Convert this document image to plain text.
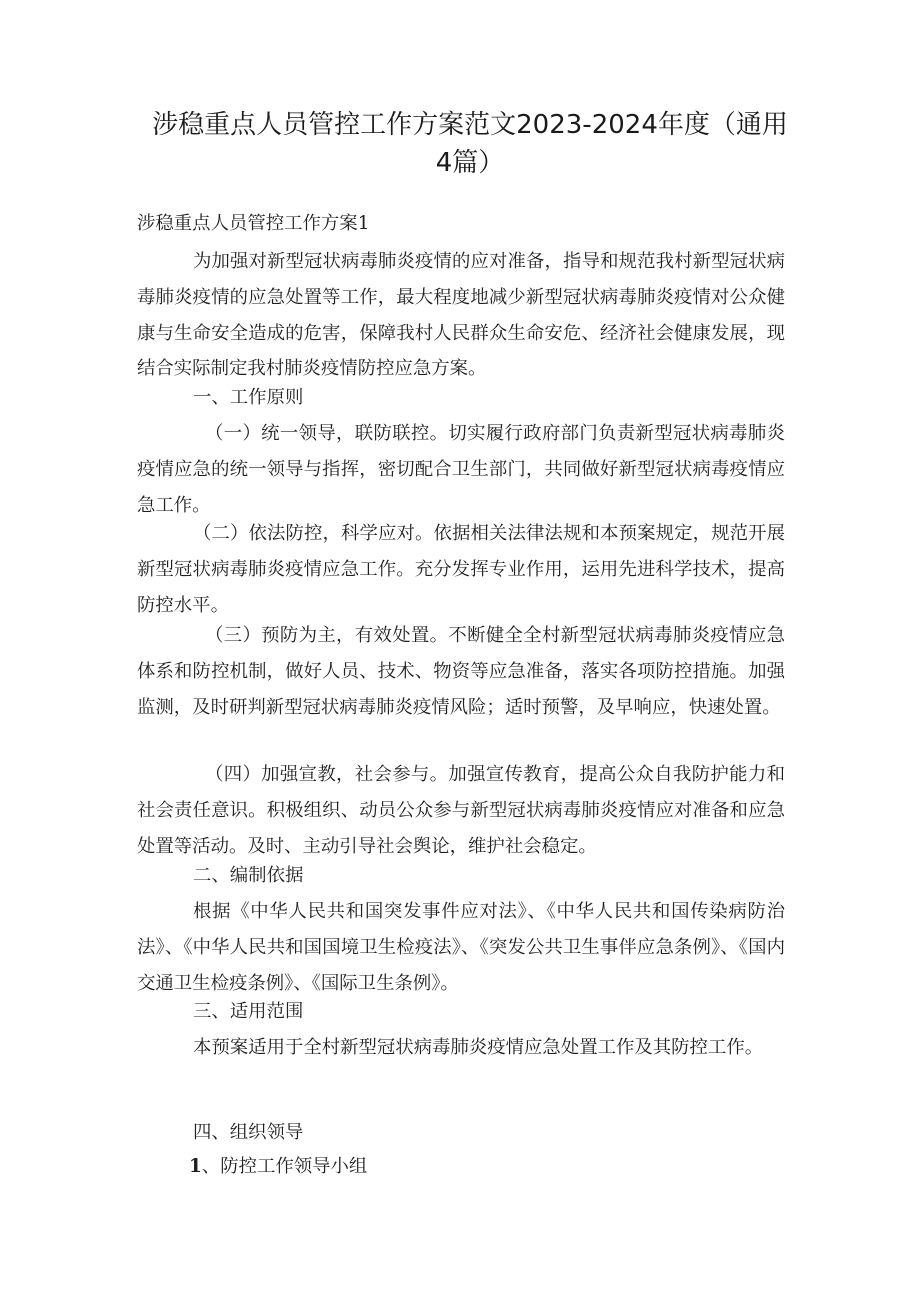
涉稳重点人员管控工作方案范文2023-2024年度（通用4篇）
涉稳重点人员管控工作方案1

为加强对新型冠状病毒肺炎疫情的应对准备，指导和规范我村新型冠状病毒肺炎疫情的应急处置等工作，最大程度地减少新型冠状病毒肺炎疫情对公众健康与生命安全造成的危害，保障我村人民群众生命安危、经济社会健康发展，现结合实际制定我村肺炎疫情防控应急方案。

一、工作原则

（一）统一领导，联防联控。切实履行政府部门负责新型冠状病毒肺炎疫情应急的统一领导与指挥，密切配合卫生部门，共同做好新型冠状病毒疫情应急工作。

（二）依法防控，科学应对。依据相关法律法规和本预案规定，规范开展新型冠状病毒肺炎疫情应急工作。充分发挥专业作用，运用先进科学技术，提高防控水平。

（三）预防为主，有效处置。不断健全全村新型冠状病毒肺炎疫情应急体系和防控机制，做好人员、技术、物资等应急准备，落实各项防控措施。加强监测，及时研判新型冠状病毒肺炎疫情风险；适时预警，及早响应，快速处置。

（四）加强宣教，社会参与。加强宣传教育，提高公众自我防护能力和社会责任意识。积极组织、动员公众参与新型冠状病毒肺炎疫情应对准备和应急处置等活动。及时、主动引导社会舆论，维护社会稳定。

二、编制依据

根据《中华人民共和国突发事件应对法》、《中华人民共和国传染病防治法》、《中华人民共和国国境卫生检疫法》、《突发公共卫生事伴应急条例》、《国内交通卫生检疫条例》、《国际卫生条例》。

三、适用范围

本预案适用于全村新型冠状病毒肺炎疫情应急处置工作及其防控工作。

四、组织领导
1、防控工作领导小组
